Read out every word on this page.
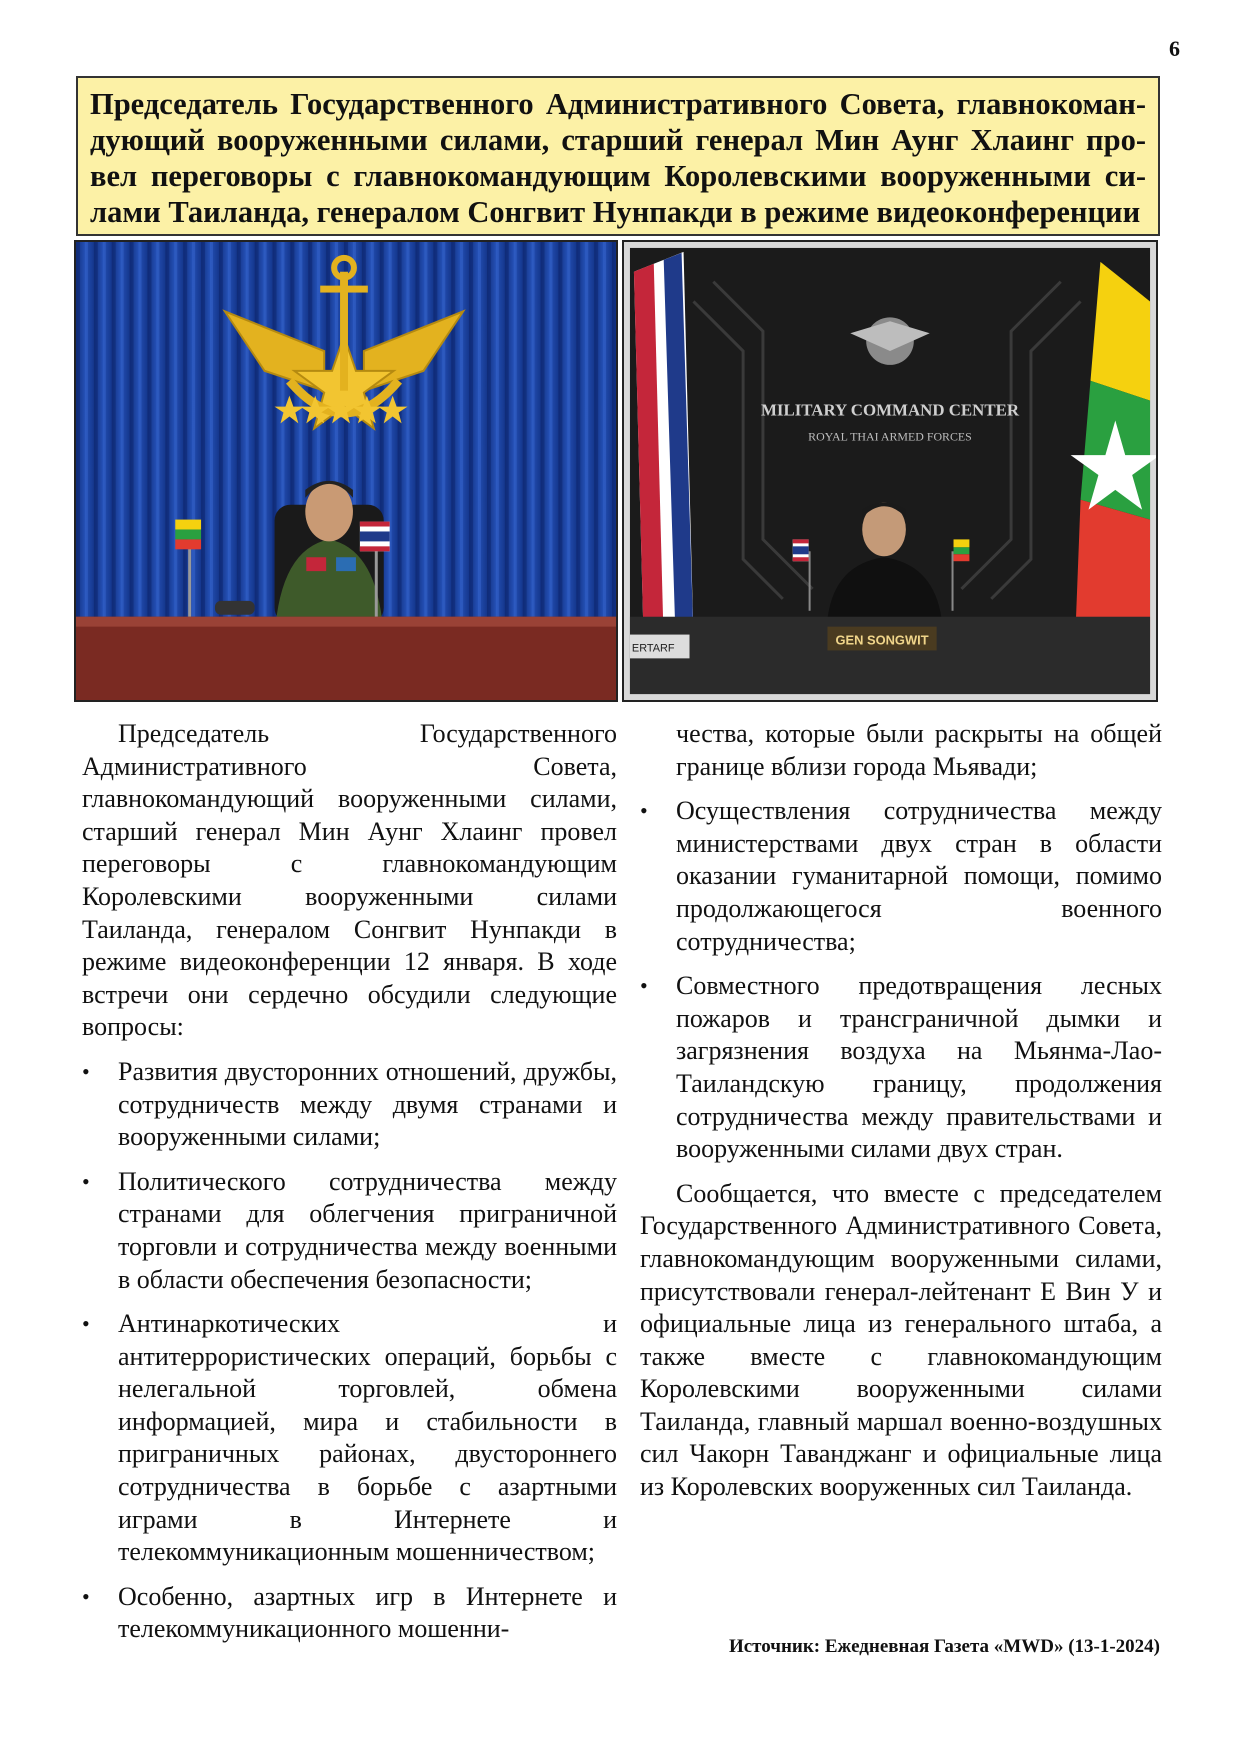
6

Председатель Государственного Административного Совета, главнокоман-

дующий вооруженными силами, старший генерал Мин Аунг Хлаинг про-

вел переговоры с главнокомандующим Королевскими вооруженными си-

лами Таиланда, генералом Сонгвит Нунпакди в режиме видеоконференции

MILITARY COMMAND CENTER
ROYAL THAI ARMED FORCES
GEN SONGWIT
ERTARF

Председатель Государственного Административного Совета, главнокомандующий вооруженными силами, старший генерал Мин Аунг Хлаинг провел переговоры с главнокомандующим Королевскими вооруженными силами Таиланда, генералом Сонгвит Нунпакди в режиме видеоконференции 12 января. В ходе встречи они сердечно обсудили следующие вопросы:

• Развития двусторонних отношений, дружбы, сотрудничеств между двумя странами и вооруженными силами;
• Политического сотрудничества между странами для облегчения приграничной торговли и сотрудничества между военными в области обеспечения безопасности;
• Антинаркотических и антитеррористических операций, борьбы с нелегальной торговлей, обмена информацией, мира и стабильности в приграничных районах, двустороннего сотрудничества в борьбе с азартными играми в Интернете и телекоммуникационным мошенничеством;
• Особенно, азартных игр в Интернете и телекоммуникационного мошенни-

чества, которые были раскрыты на общей границе вблизи города Мьявади;

• Осуществления сотрудничества между министерствами двух стран в области оказании гуманитарной помощи, помимо продолжающегося военного сотрудничества;
• Совместного предотвращения лесных пожаров и трансграничной дымки и загрязнения воздуха на Мьянма-Лао-Таиландскую границу, продолжения сотрудничества между правительствами и вооруженными силами двух стран.

Сообщается, что вместе с председателем Государственного Административного Совета, главнокомандующим вооруженными силами, присутствовали генерал-лейтенант Е Вин У и официальные лица из генерального штаба, а также вместе с главнокомандующим Королевскими вооруженными силами Таиланда, главный маршал военно-воздушных сил Чакорн Таванджанг и официальные лица из Королевских вооруженных сил Таиланда.

Источник: Ежедневная Газета «MWD» (13-1-2024)
